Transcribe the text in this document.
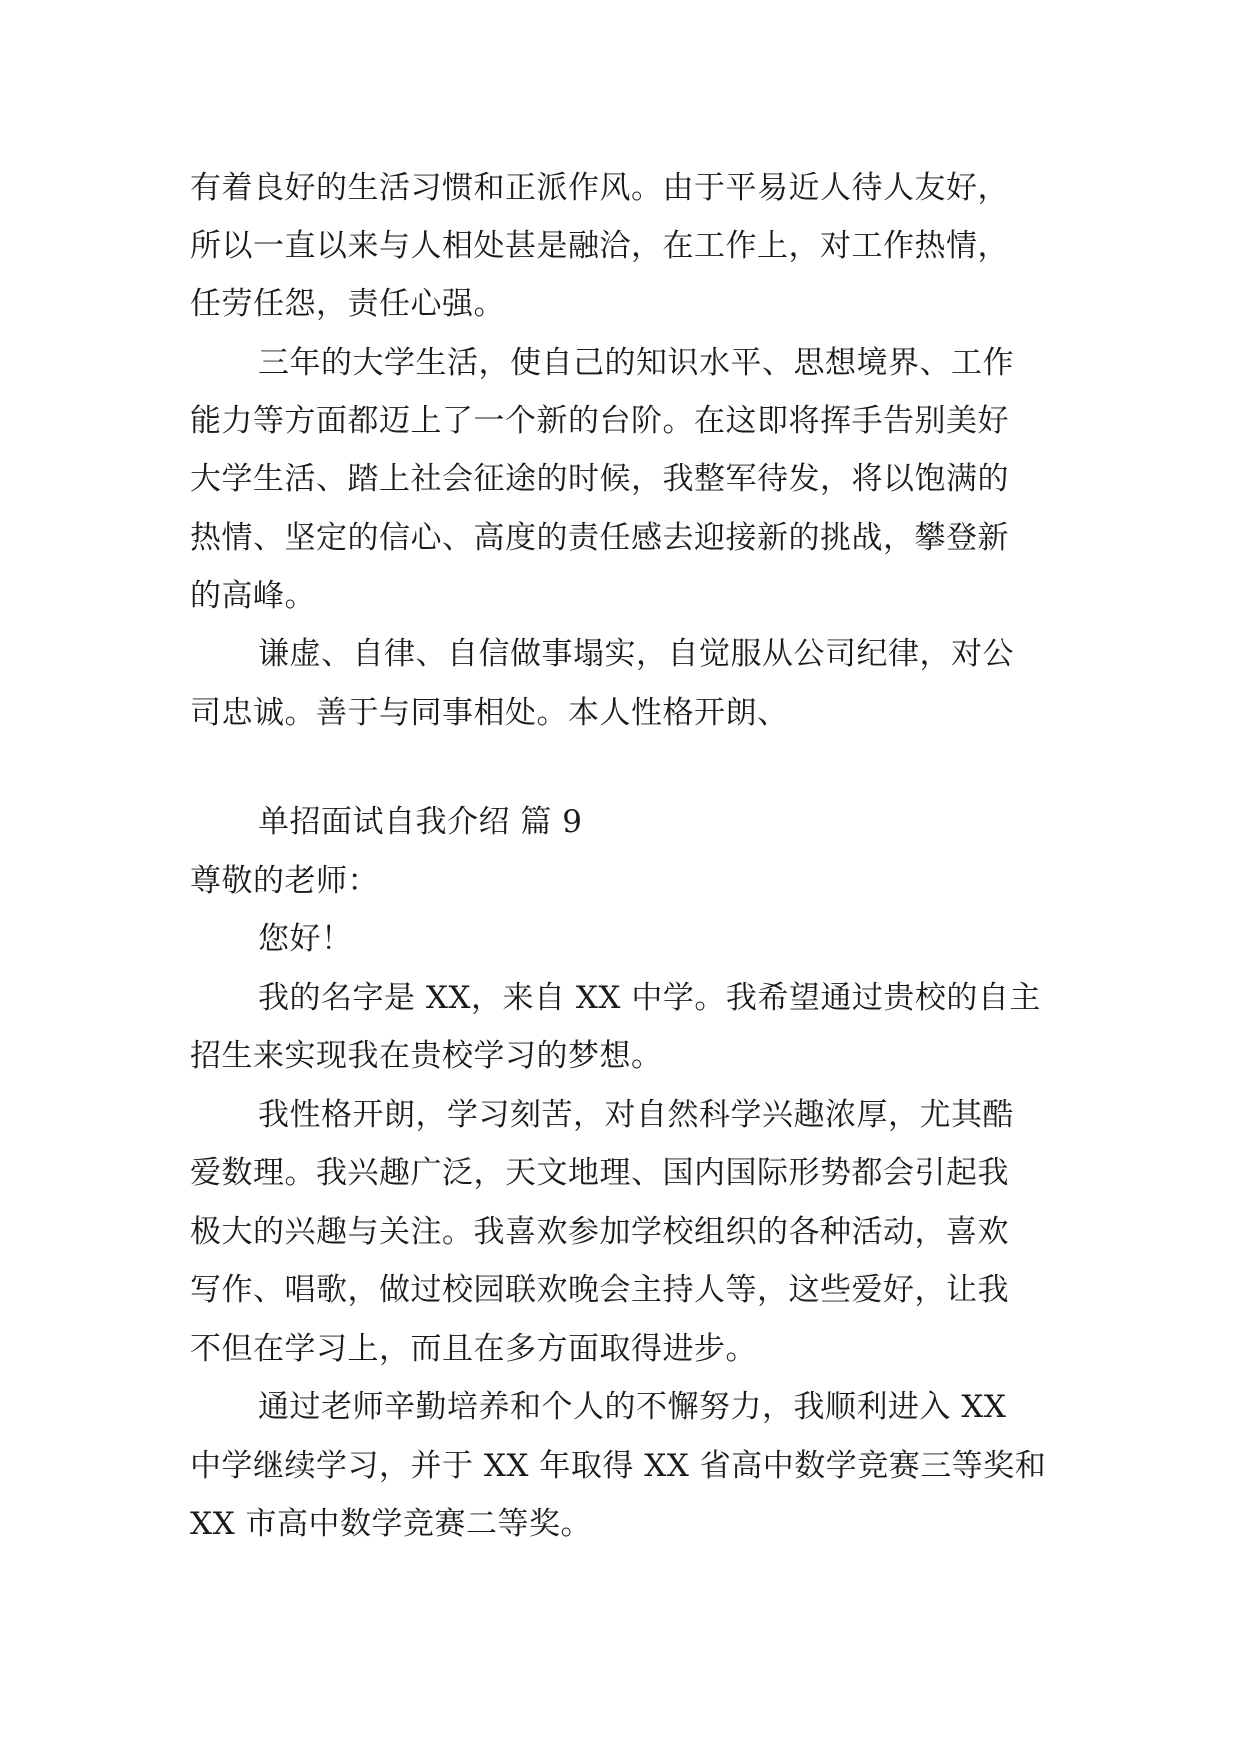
有着良好的生活习惯和正派作风。由于平易近人待人友好，
所以一直以来与人相处甚是融洽，在工作上，对工作热情，
任劳任怨，责任心强。
三年的大学生活，使自己的知识水平、思想境界、工作
能力等方面都迈上了一个新的台阶。在这即将挥手告别美好
大学生活、踏上社会征途的时候，我整军待发，将以饱满的
热情、坚定的信心、高度的责任感去迎接新的挑战，攀登新
的高峰。
谦虚、自律、自信做事塌实，自觉服从公司纪律，对公
司忠诚。善于与同事相处。本人性格开朗、
单招面试自我介绍 篇 9
尊敬的老师：
您好！
我的名字是 XX，来自 XX 中学。我希望通过贵校的自主
招生来实现我在贵校学习的梦想。
我性格开朗，学习刻苦，对自然科学兴趣浓厚，尤其酷
爱数理。我兴趣广泛，天文地理、国内国际形势都会引起我
极大的兴趣与关注。我喜欢参加学校组织的各种活动，喜欢
写作、唱歌，做过校园联欢晚会主持人等，这些爱好，让我
不但在学习上，而且在多方面取得进步。
通过老师辛勤培养和个人的不懈努力，我顺利进入 XX
中学继续学习，并于 XX 年取得 XX 省高中数学竞赛三等奖和
XX 市高中数学竞赛二等奖。
